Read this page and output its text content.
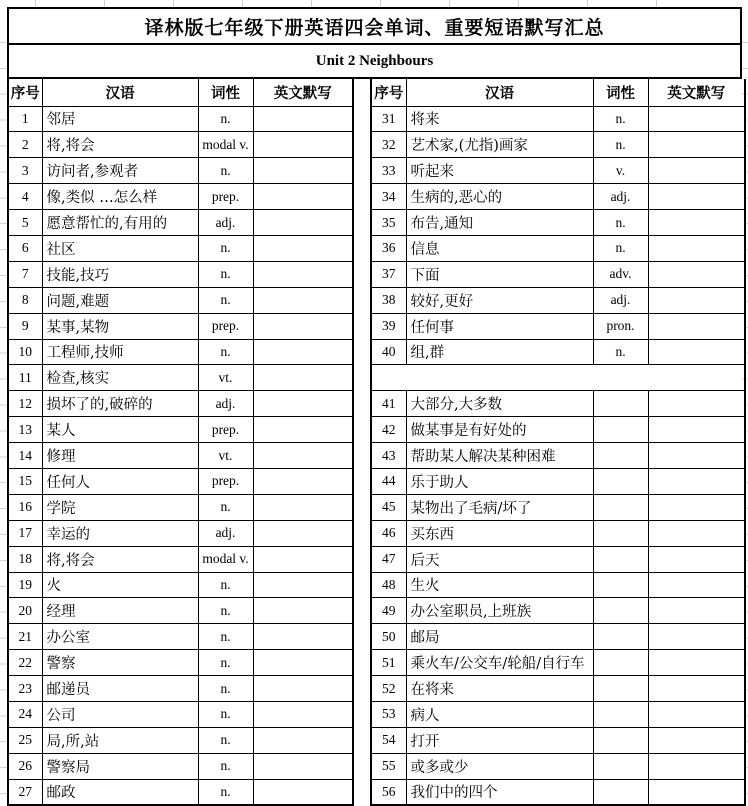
译林版七年级下册英语四会单词、重要短语默写汇总
Unit 2 Neighbours
序号	汉语	词性	英文默写
1	邻居	n.	
2	将,将会	modal v.	
3	访问者,参观者	n.	
4	像,类似 …怎么样	prep.	
5	愿意帮忙的,有用的	adj.	
6	社区	n.	
7	技能,技巧	n.	
8	问题,难题	n.	
9	某事,某物	prep.	
10	工程师,技师	n.	
11	检查,核实	vt.	
12	损坏了的,破碎的	adj.	
13	某人	prep.	
14	修理	vt.	
15	任何人	prep.	
16	学院	n.	
17	幸运的	adj.	
18	将,将会	modal v.	
19	火	n.	
20	经理	n.	
21	办公室	n.	
22	警察	n.	
23	邮递员	n.	
24	公司	n.	
25	局,所,站	n.	
26	警察局	n.	
27	邮政	n.	
序号	汉语	词性	英文默写
31	将来	n.	
32	艺术家,(尤指)画家	n.	
33	听起来	v.	
34	生病的,恶心的	adj.	
35	布告,通知	n.	
36	信息	n.	
37	下面	adv.	
38	较好,更好	adj.	
39	任何事	pron.	
40	组,群	n.	

41	大部分,大多数		
42	做某事是有好处的		
43	帮助某人解决某种困难		
44	乐于助人		
45	某物出了毛病/坏了		
46	买东西		
47	后天		
48	生火		
49	办公室职员,上班族		
50	邮局		
51	乘火车/公交车/轮船/自行车		
52	在将来		
53	病人		
54	打开		
55	或多或少		
56	我们中的四个		
